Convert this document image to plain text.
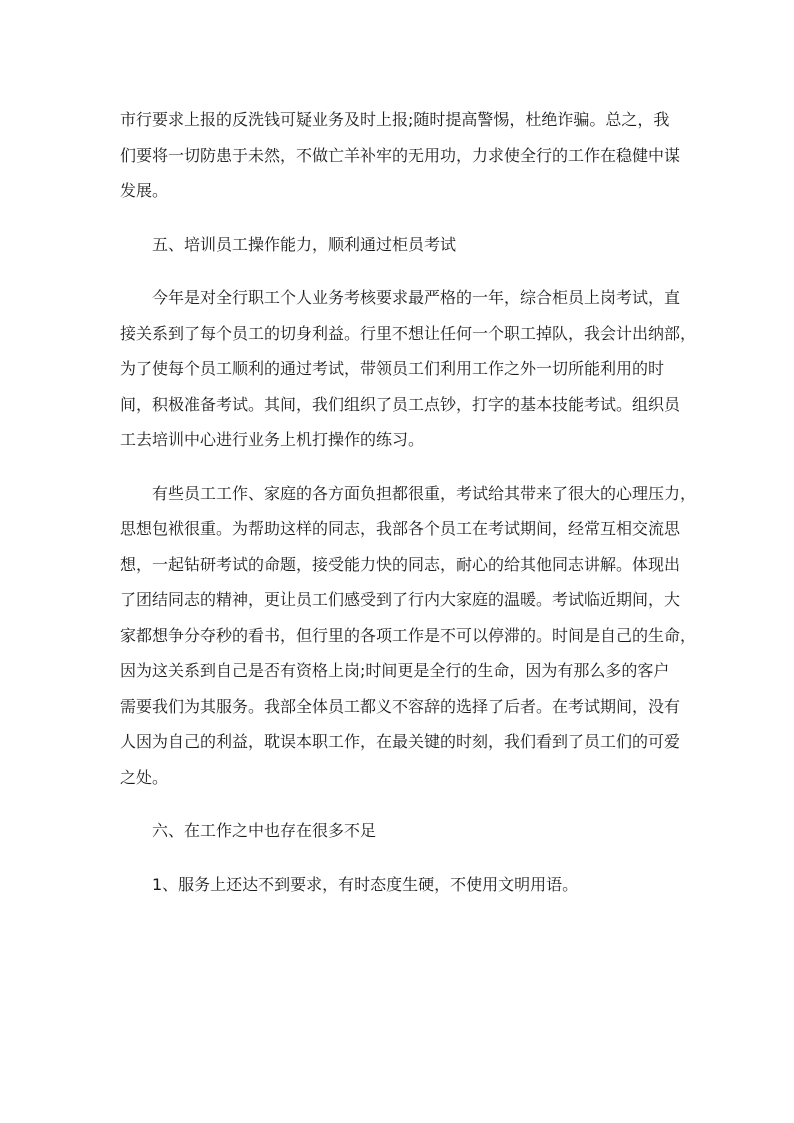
市行要求上报的反洗钱可疑业务及时上报;随时提高警惕，杜绝诈骗。总之，我
们要将一切防患于未然，不做亡羊补牢的无用功，力求使全行的工作在稳健中谋
发展。
五、培训员工操作能力，顺利通过柜员考试
今年是对全行职工个人业务考核要求最严格的一年，综合柜员上岗考试，直
接关系到了每个员工的切身利益。行里不想让任何一个职工掉队，我会计出纳部，
为了使每个员工顺利的通过考试，带领员工们利用工作之外一切所能利用的时
间，积极准备考试。其间，我们组织了员工点钞，打字的基本技能考试。组织员
工去培训中心进行业务上机打操作的练习。
有些员工工作、家庭的各方面负担都很重，考试给其带来了很大的心理压力，
思想包袱很重。为帮助这样的同志，我部各个员工在考试期间，经常互相交流思
想，一起钻研考试的命题，接受能力快的同志，耐心的给其他同志讲解。体现出
了团结同志的精神，更让员工们感受到了行内大家庭的温暖。考试临近期间，大
家都想争分夺秒的看书，但行里的各项工作是不可以停滞的。时间是自己的生命，
因为这关系到自己是否有资格上岗;时间更是全行的生命，因为有那么多的客户
需要我们为其服务。我部全体员工都义不容辞的选择了后者。在考试期间，没有
人因为自己的利益，耽误本职工作，在最关键的时刻，我们看到了员工们的可爱
之处。
六、在工作之中也存在很多不足
1、服务上还达不到要求，有时态度生硬，不使用文明用语。
